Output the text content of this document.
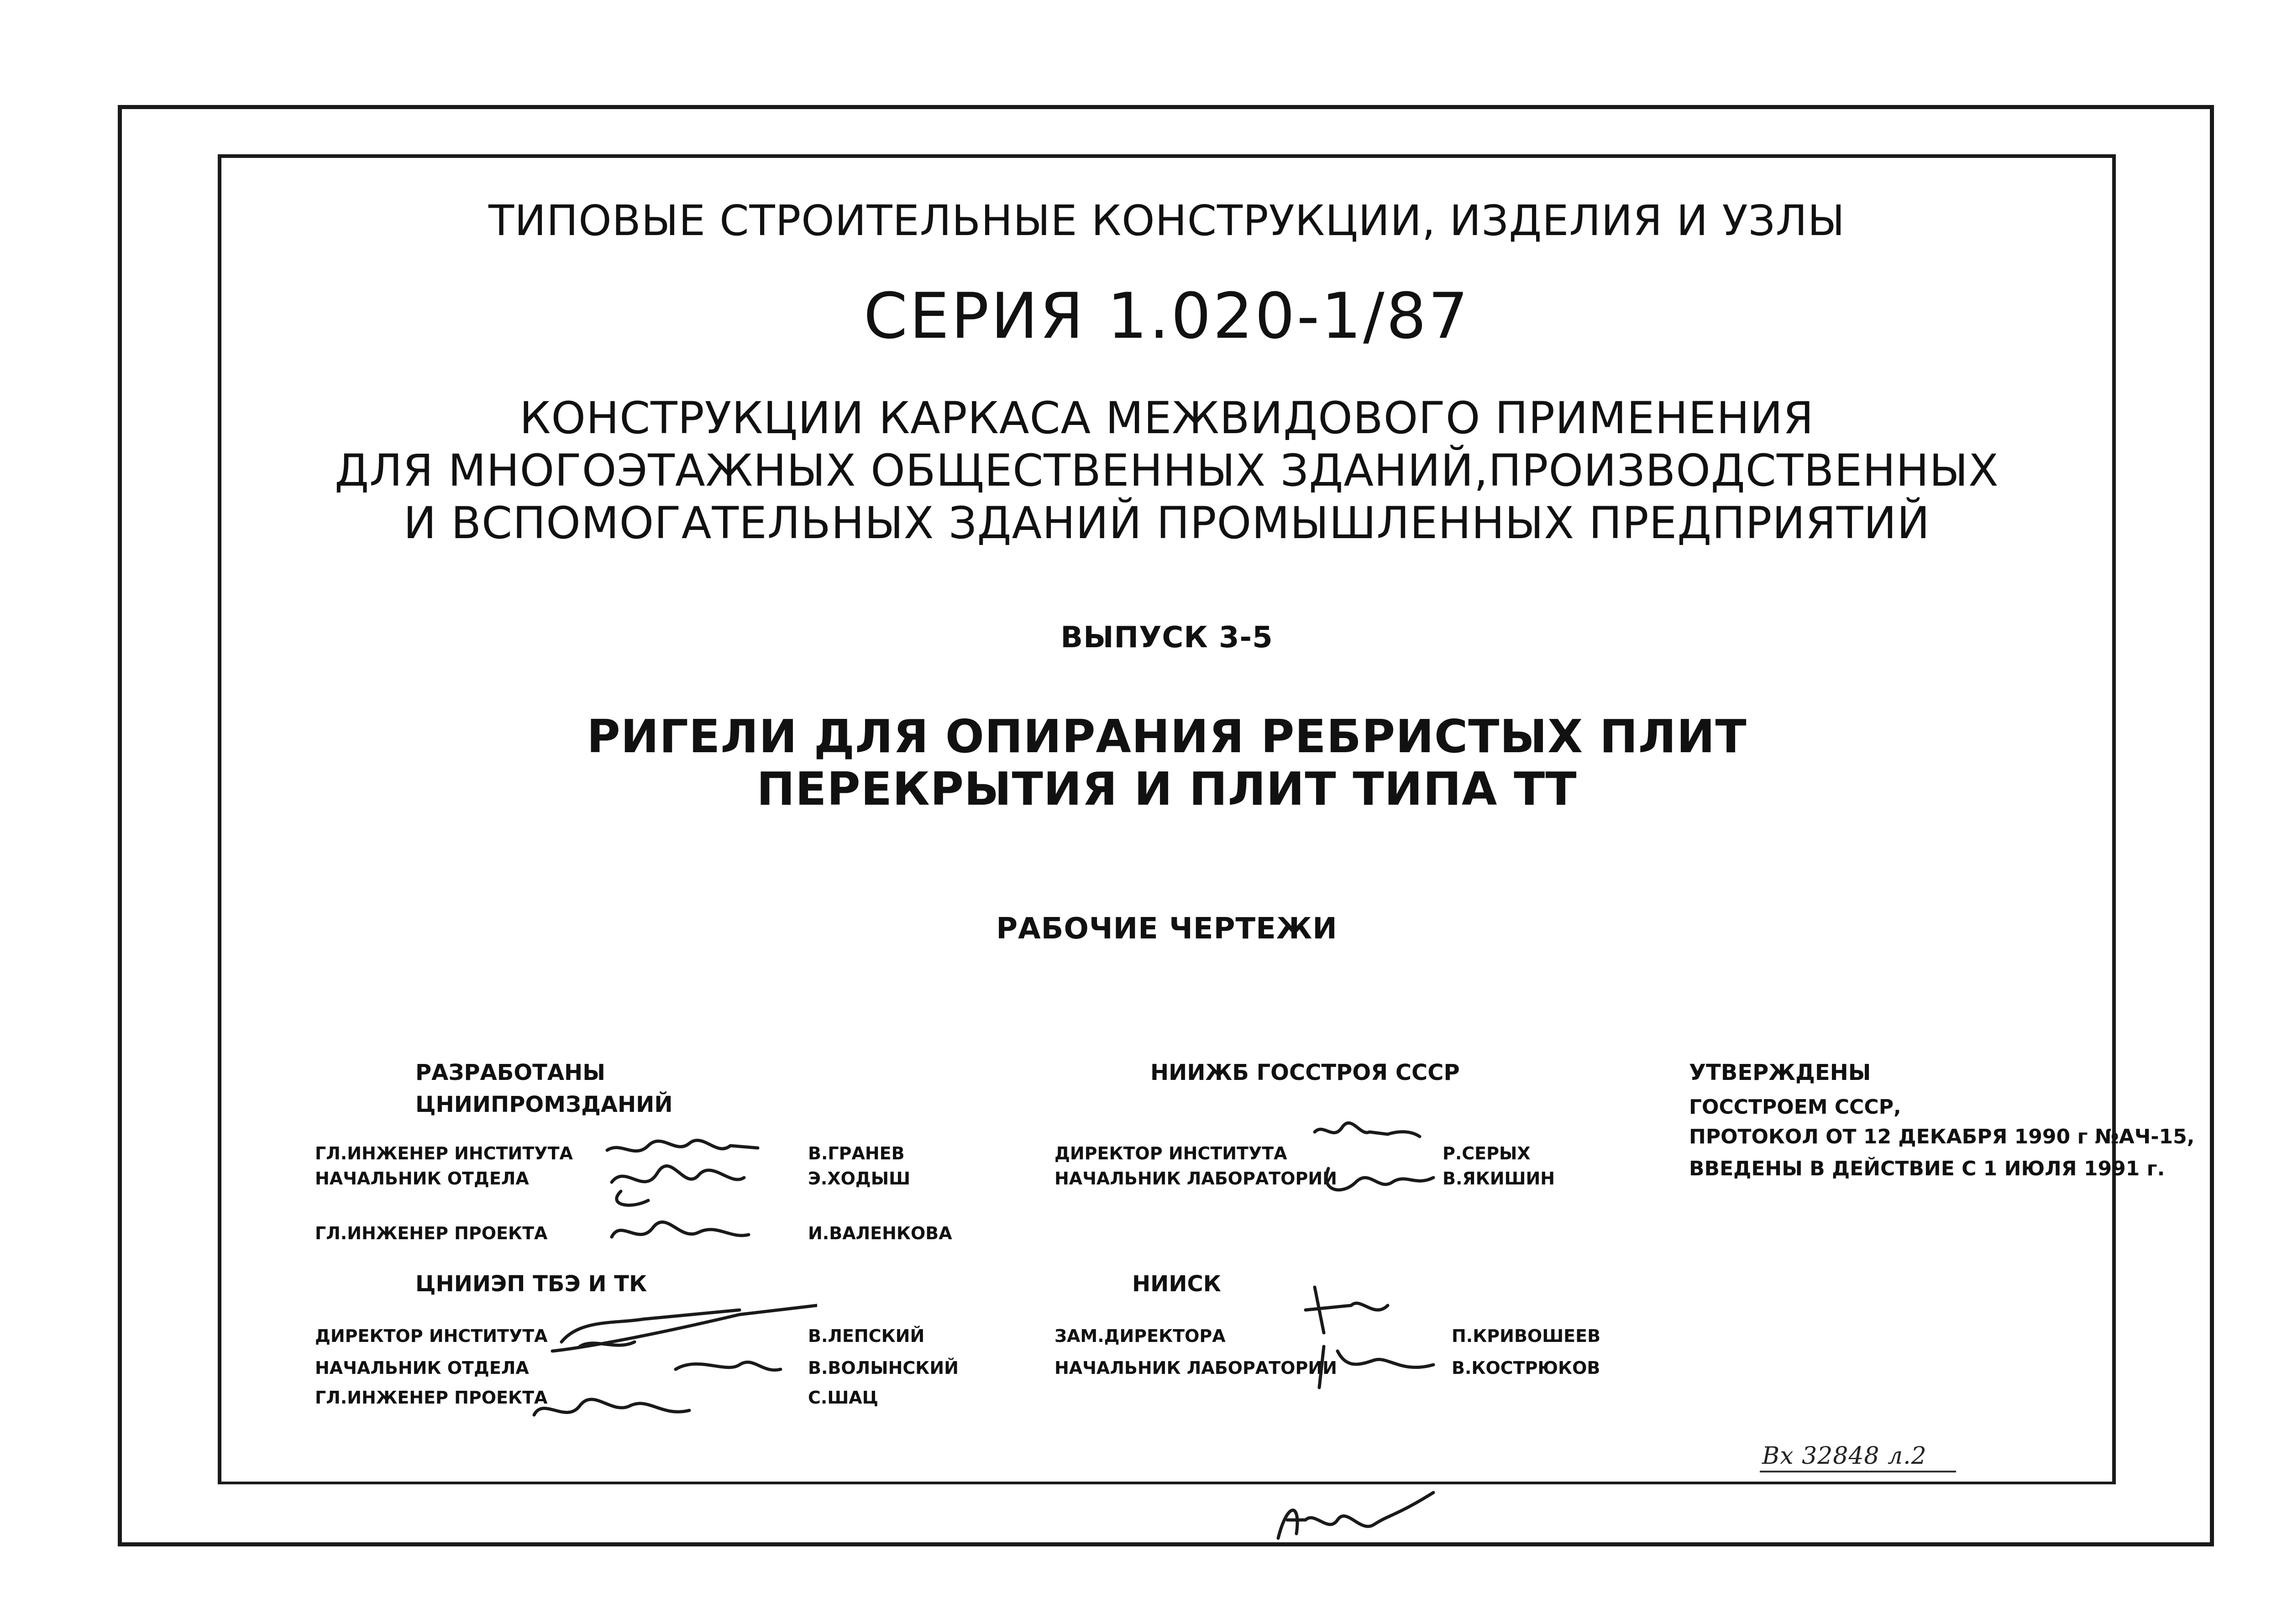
ТИПОВЫЕ СТРОИТЕЛЬНЫЕ КОНСТРУКЦИИ, ИЗДЕЛИЯ И УЗЛЫ
СЕРИЯ 1.020-1/87
КОНСТРУКЦИИ КАРКАСА МЕЖВИДОВОГО ПРИМЕНЕНИЯ
ДЛЯ МНОГОЭТАЖНЫХ ОБЩЕСТВЕННЫХ ЗДАНИЙ,ПРОИЗВОДСТВЕННЫХ
И ВСПОМОГАТЕЛЬНЫХ ЗДАНИЙ ПРОМЫШЛЕННЫХ ПРЕДПРИЯТИЙ
ВЫПУСК 3-5
РИГЕЛИ ДЛЯ ОПИРАНИЯ РЕБРИСТЫХ ПЛИТ
ПЕРЕКРЫТИЯ И ПЛИТ ТИПА ТТ
РАБОЧИЕ ЧЕРТЕЖИ
РАЗРАБОТАНЫ
ЦНИИПРОМЗДАНИЙ
ГЛ.ИНЖЕНЕР ИНСТИТУТА
НАЧАЛЬНИК ОТДЕЛА
ГЛ.ИНЖЕНЕР ПРОЕКТА
В.ГРАНЕВ
Э.ХОДЫШ
И.ВАЛЕНКОВА
ЦНИИЭП ТБЭ И ТК
ДИРЕКТОР ИНСТИТУТА
НАЧАЛЬНИК ОТДЕЛА
ГЛ.ИНЖЕНЕР ПРОЕКТА
В.ЛЕПСКИЙ
В.ВОЛЫНСКИЙ
С.ШАЦ
НИИЖБ ГОССТРОЯ СССР
ДИРЕКТОР ИНСТИТУТА
НАЧАЛЬНИК ЛАБОРАТОРИИ
Р.СЕРЫХ
В.ЯКИШИН
НИИСК
ЗАМ.ДИРЕКТОРА
НАЧАЛЬНИК ЛАБОРАТОРИИ
П.КРИВОШЕЕВ
В.КОСТРЮКОВ
УТВЕРЖДЕНЫ
ГОССТРОЕМ СССР,
ПРОТОКОЛ ОТ 12 ДЕКАБРЯ 1990 г №АЧ-15,
ВВЕДЕНЫ В ДЕЙСТВИЕ С 1 ИЮЛЯ 1991 г.
Вх 32848 л.2
